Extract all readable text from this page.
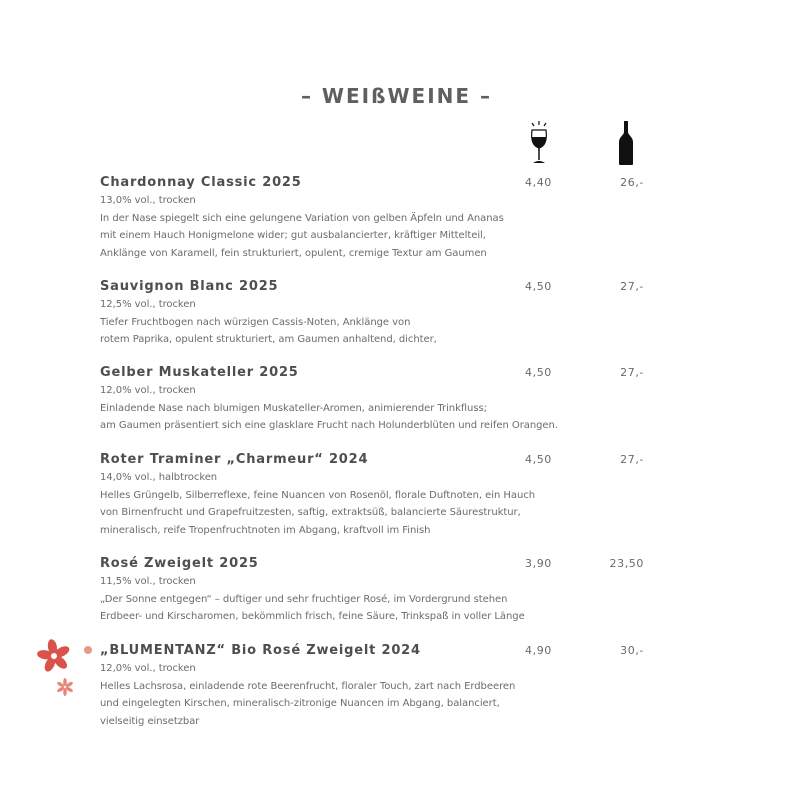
– WEIßWEINE –
Chardonnay Classic 2025	4,40	26,-
13,0% vol., trocken
In der Nase spiegelt sich eine gelungene Variation von gelben Äpfeln und Ananas
mit einem Hauch Honigmelone wider; gut ausbalancierter, kräftiger Mittelteil,
Anklänge von Karamell, fein strukturiert, opulent, cremige Textur am Gaumen
Sauvignon Blanc 2025	4,50	27,-
12,5% vol., trocken
Tiefer Fruchtbogen nach würzigen Cassis-Noten, Anklänge von
rotem Paprika, opulent strukturiert, am Gaumen anhaltend, dichter,
Gelber Muskateller 2025	4,50	27,-
12,0% vol., trocken
Einladende Nase nach blumigen Muskateller-Aromen, animierender Trinkfluss;
am Gaumen präsentiert sich eine glasklare Frucht nach Holunderblüten und reifen Orangen.
Roter Traminer „Charmeur“ 2024	4,50	27,-
14,0% vol., halbtrocken
Helles Grüngelb, Silberreflexe, feine Nuancen von Rosenöl, florale Duftnoten, ein Hauch
von Birnenfrucht und Grapefruitzesten, saftig, extraktsüß, balancierte Säurestruktur,
mineralisch, reife Tropenfruchtnoten im Abgang, kraftvoll im Finish
Rosé Zweigelt 2025	3,90	23,50
11,5% vol., trocken
„Der Sonne entgegen“ – duftiger und sehr fruchtiger Rosé, im Vordergrund stehen
Erdbeer- und Kirscharomen, bekömmlich frisch, feine Säure, Trinkspaß in voller Länge
„BLUMENTANZ“ Bio Rosé Zweigelt 2024	4,90	30,-
12,0% vol., trocken
Helles Lachsrosa, einladende rote Beerenfrucht, floraler Touch, zart nach Erdbeeren
und eingelegten Kirschen, mineralisch-zitronige Nuancen im Abgang, balanciert,
vielseitig einsetzbar
